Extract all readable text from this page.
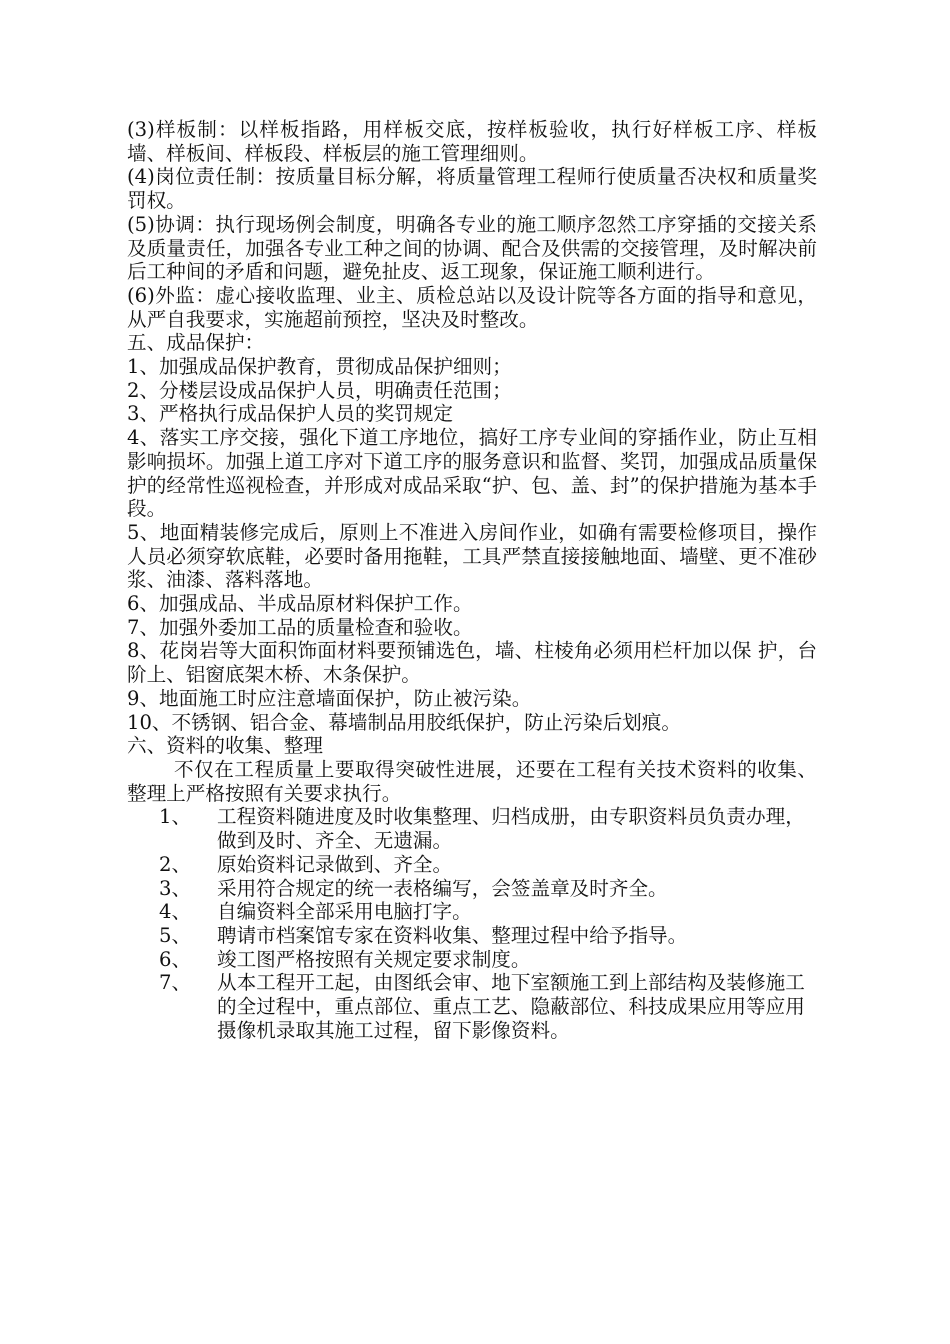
(3)样板制：以样板指路，用样板交底，按样板验收，执行好样板工序、样板墙、样板间、样板段、样板层的施工管理细则。

(4)岗位责任制：按质量目标分解，将质量管理工程师行使质量否决权和质量奖罚权。

(5)协调：执行现场例会制度，明确各专业的施工顺序忽然工序穿插的交接关系及质量责任，加强各专业工种之间的协调、配合及供需的交接管理，及时解决前后工种间的矛盾和问题，避免扯皮、返工现象，保证施工顺利进行。

(6)外监：虚心接收监理、业主、质检总站以及设计院等各方面的指导和意见，从严自我要求，实施超前预控，坚决及时整改。

五、成品保护：

1、加强成品保护教育，贯彻成品保护细则；

2、分楼层设成品保护人员，明确责任范围；

3、严格执行成品保护人员的奖罚规定

4、落实工序交接，强化下道工序地位，搞好工序专业间的穿插作业，防止互相影响损坏。加强上道工序对下道工序的服务意识和监督、奖罚，加强成品质量保护的经常性巡视检查，并形成对成品采取“护、包、盖、封”的保护措施为基本手段。

5、地面精装修完成后，原则上不准进入房间作业，如确有需要检修项目，操作人员必须穿软底鞋，必要时备用拖鞋，工具严禁直接接触地面、墙壁、更不准砂浆、油漆、落料落地。

6、加强成品、半成品原材料保护工作。

7、加强外委加工品的质量检查和验收。

8、花岗岩等大面积饰面材料要预铺选色，墙、柱棱角必须用栏杆加以保 护，台阶上、铝窗底架木桥、木条保护。

9、地面施工时应注意墙面保护，防止被污染。

10、不锈钢、铝合金、幕墙制品用胶纸保护，防止污染后划痕。

六、资料的收集、整理

不仅在工程质量上要取得突破性进展，还要在工程有关技术资料的收集、整理上严格按照有关要求执行。

1、	工程资料随进度及时收集整理、归档成册，由专职资料员负责办理，做到及时、齐全、无遗漏。
2、	原始资料记录做到、齐全。
3、	采用符合规定的统一表格编写，会签盖章及时齐全。
4、	自编资料全部采用电脑打字。
5、	聘请市档案馆专家在资料收集、整理过程中给予指导。
6、	竣工图严格按照有关规定要求制度。
7、	从本工程开工起，由图纸会审、地下室额施工到上部结构及装修施工的全过程中，重点部位、重点工艺、隐蔽部位、科技成果应用等应用摄像机录取其施工过程，留下影像资料。
